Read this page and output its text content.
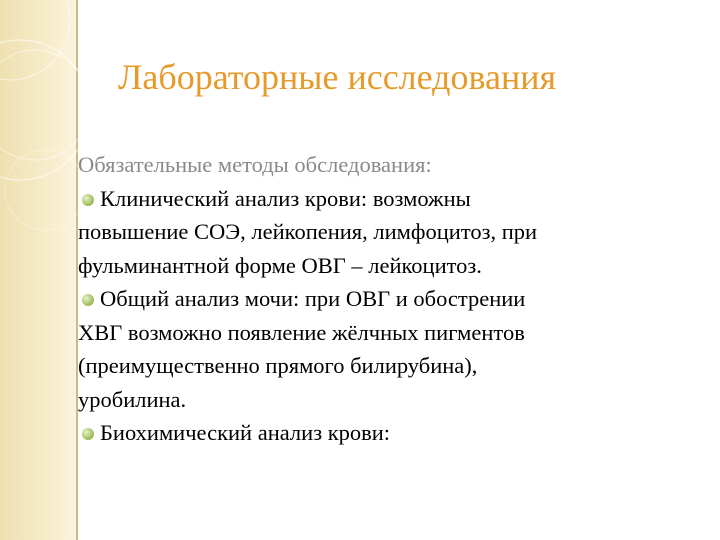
Лабораторные исследования

Обязательные методы обследования:

Клинический анализ крови: возможны
повышение СОЭ, лейкопения, лимфоцитоз, при
фульминантной форме ОВГ – лейкоцитоз.

Общий анализ мочи: при ОВГ и обострении
ХВГ возможно появление жёлчных пигментов
(преимущественно прямого билирубина),
уробилина.

Биохимический анализ крови:
